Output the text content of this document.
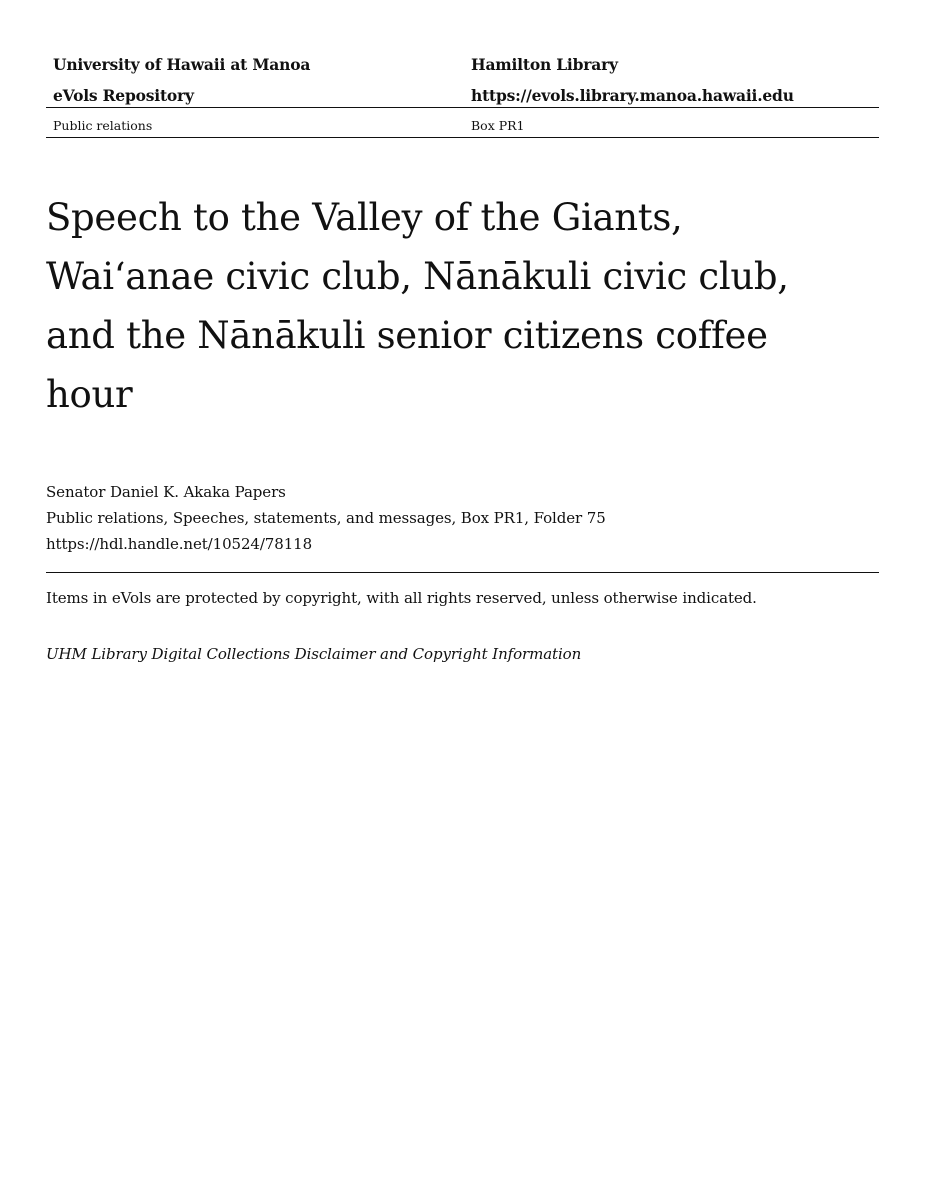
University of Hawaii at Manoa	Hamilton Library
eVols Repository	https://evols.library.manoa.hawaii.edu
Public relations	Box PR1
Speech to the Valley of the Giants, Waiʻanae civic club, Nānākuli civic club, and the Nānākuli senior citizens coffee hour
Senator Daniel K. Akaka Papers
Public relations, Speeches, statements, and messages, Box PR1, Folder 75
https://hdl.handle.net/10524/78118
Items in eVols are protected by copyright, with all rights reserved, unless otherwise indicated.
UHM Library Digital Collections Disclaimer and Copyright Information
